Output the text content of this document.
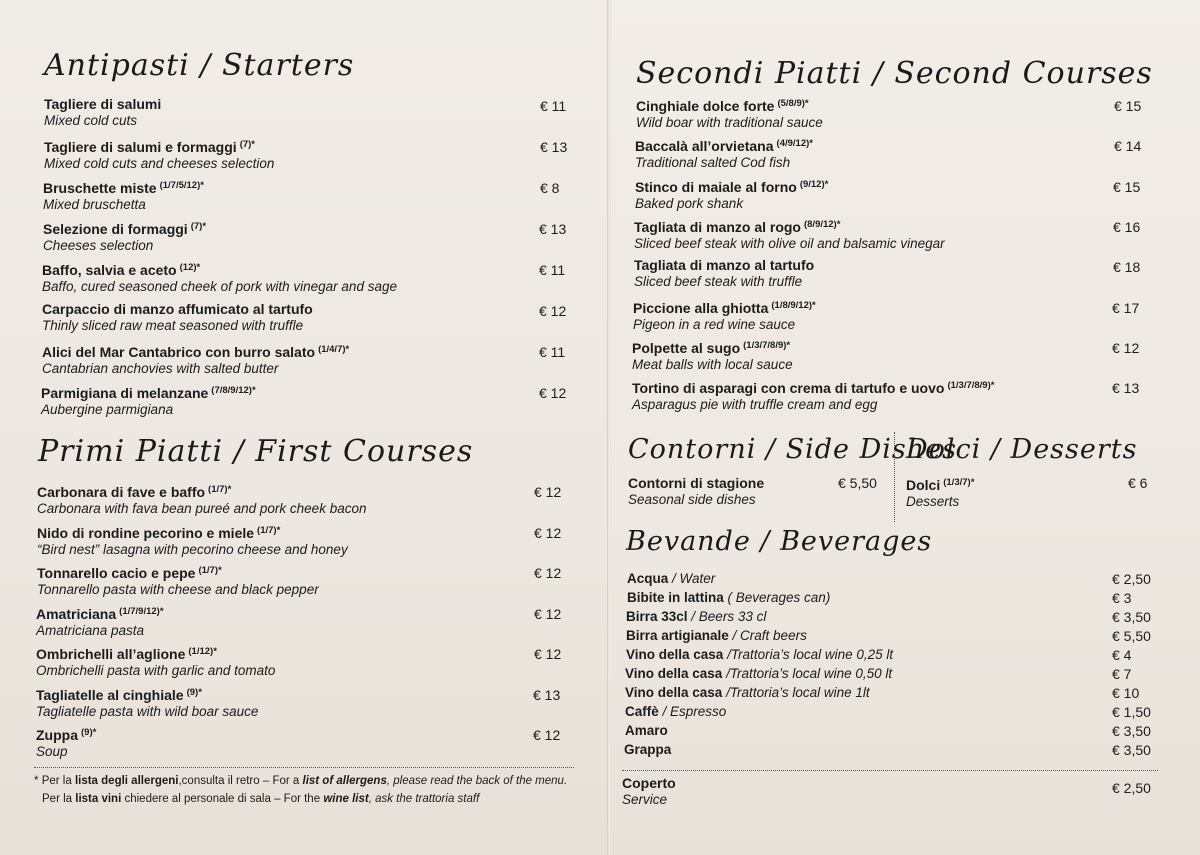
Antipasti / Starters
Tagliere di salumi
Mixed cold cuts
€ 11
Tagliere di salumi e formaggi $^{(7)*}$
Mixed cold cuts and cheeses selection
€ 13
Bruschette miste $^{(1/7/5/12)*}$
Mixed bruschetta
€ 8
Selezione di formaggi $^{(7)*}$
Cheeses selection
€ 13
Baffo, salvia e aceto $^{(12)*}$
Baffo, cured seasoned cheek of pork with vinegar and sage
€ 11
Carpaccio di manzo affumicato al tartufo
Thinly sliced raw meat seasoned with truffle
€ 12
Alici del Mar Cantabrico con burro salato $^{(1/4/7)*}$
Cantabrian anchovies with salted butter
€ 11
Parmigiana di melanzane $^{(7/8/9/12)*}$
Aubergine parmigiana
€ 12
Primi Piatti / First Courses
Carbonara di fave e baffo $^{(1/7)*}$
Carbonara with fava bean pureé and pork cheek bacon
€ 12
Nido di rondine pecorino e miele $^{(1/7)*}$
“Bird nest” lasagna with pecorino cheese and honey
€ 12
Tonnarello cacio e pepe $^{(1/7)*}$
Tonnarello pasta with cheese and black pepper
€ 12
Amatriciana $^{(1/7/9/12)*}$
Amatriciana pasta
€ 12
Ombrichelli all’aglione $^{(1/12)*}$
Ombrichelli pasta with garlic and tomato
€ 12
Tagliatelle al cinghiale $^{(9)*}$
Tagliatelle pasta with wild boar sauce
€ 13
Zuppa $^{(9)*}$
Soup
€ 12
* Per la lista degli allergeni,consulta il retro – For a list of allergens, please read the back of the menu.
Per la lista vini chiedere al personale di sala – For the wine list, ask the trattoria staff
Secondi Piatti / Second Courses
Cinghiale dolce forte $^{(5/8/9)*}$
Wild boar with traditional sauce
€ 15
Baccalà all’orvietana $^{(4/9/12)*}$
Traditional salted Cod fish
€ 14
Stinco di maiale al forno $^{(9/12)*}$
Baked pork shank
€ 15
Tagliata di manzo al rogo $^{(8/9/12)*}$
Sliced beef steak with olive oil and balsamic vinegar
€ 16
Tagliata di manzo al tartufo
Sliced beef steak with truffle
€ 18
Piccione alla ghiotta $^{(1/8/9/12)*}$
Pigeon in a red wine sauce
€ 17
Polpette al sugo $^{(1/3/7/8/9)*}$
Meat balls with local sauce
€ 12
Tortino di asparagi con crema di tartufo e uovo $^{(1/3/7/8/9)*}$
Asparagus pie with truffle cream and egg
€ 13
Contorni / Side Dishes
Contorni di stagione
Seasonal side dishes
€ 5,50
Dolci / Desserts
Dolci $^{(1/3/7)*}$
Desserts
€ 6
Bevande / Beverages
Acqua / Water	€ 2,50
Bibite in lattina ( Beverages can)	€ 3
Birra 33cl / Beers 33 cl	€ 3,50
Birra artigianale / Craft beers	€ 5,50
Vino della casa /Trattoria’s local wine 0,25 lt	€ 4
Vino della casa /Trattoria’s local wine 0,50 lt	€ 7
Vino della casa /Trattoria’s local wine 1lt	€ 10
Caffè / Espresso	€ 1,50
Amaro	€ 3,50
Grappa	€ 3,50
Coperto
Service
€ 2,50
